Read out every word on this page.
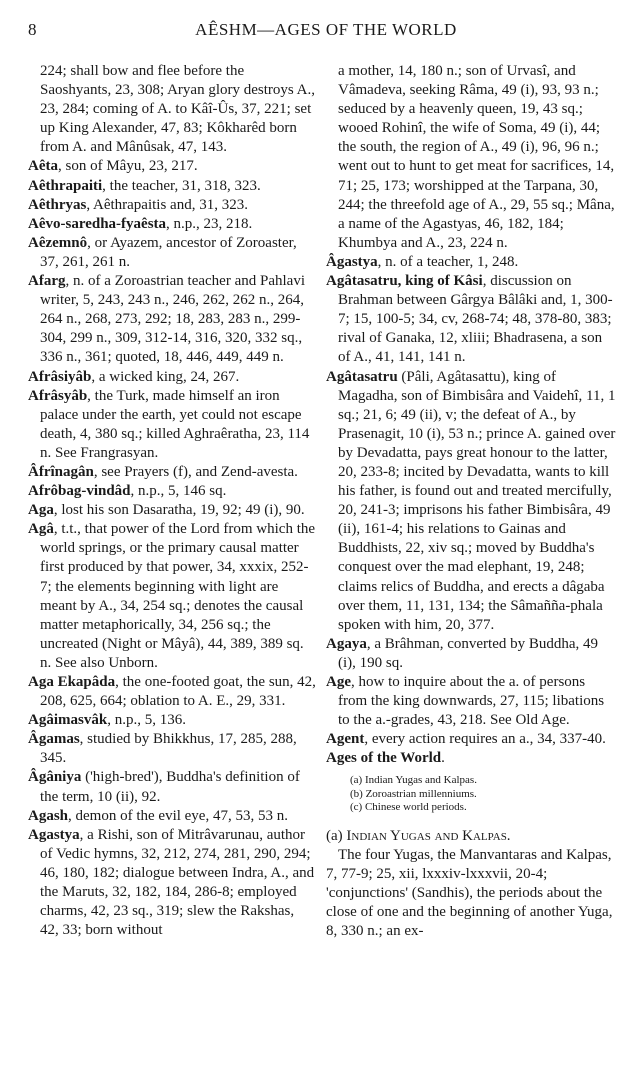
8	AÊSHM—AGES OF THE WORLD

224; shall bow and flee before the Saoshyants, 23, 308; Aryan glory destroys A., 23, 284; coming of A. to Kâî-Ûs, 37, 221; set up King Alexander, 47, 83; Kôkharêd born from A. and Mânûsak, 47, 143.

Aêta, son of Mâyu, 23, 217.

Aêthrapaiti, the teacher, 31, 318, 323.

Aêthryas, Aêthrapaitis and, 31, 323.

Aêvo-saredha-fyaêsta, n.p., 23, 218.

Aêzemnô, or Ayazem, ancestor of Zoroaster, 37, 261, 261 n.

Afarg, n. of a Zoroastrian teacher and Pahlavi writer, 5, 243, 243 n., 246, 262, 262 n., 264, 264 n., 268, 273, 292; 18, 283, 283 n., 299-304, 299 n., 309, 312-14, 316, 320, 332 sq., 336 n., 361; quoted, 18, 446, 449, 449 n.

Afrâsiyâb, a wicked king, 24, 267.

Afrâsyâb, the Turk, made himself an iron palace under the earth, yet could not escape death, 4, 380 sq.; killed Aghraêratha, 23, 114 n. See Frangrasyan.

Âfrînagân, see Prayers (f), and Zend-avesta.

Afrôbag-vindâd, n.p., 5, 146 sq.

Aga, lost his son Dasaratha, 19, 92; 49 (i), 90.

Agâ, t.t., that power of the Lord from which the world springs, or the primary causal matter first produced by that power, 34, xxxix, 252-7; the elements beginning with light are meant by A., 34, 254 sq.; denotes the causal matter metaphorically, 34, 256 sq.; the uncreated (Night or Mâyâ), 44, 389, 389 sq. n. See also Unborn.

Aga Ekapâda, the one-footed goat, the sun, 42, 208, 625, 664; oblation to A. E., 29, 331.

Agâimasvâk, n.p., 5, 136.

Âgamas, studied by Bhikkhus, 17, 285, 288, 345.

Âgâniya ('high-bred'), Buddha's definition of the term, 10 (ii), 92.

Agash, demon of the evil eye, 47, 53, 53 n.

Agastya, a Rishi, son of Mitrâvarunau, author of Vedic hymns, 32, 212, 274, 281, 290, 294; 46, 180, 182; dialogue between Indra, A., and the Maruts, 32, 182, 184, 286-8; employed charms, 42, 23 sq., 319; slew the Rakshas, 42, 33; born without

a mother, 14, 180 n.; son of Urvasî, and Vâmadeva, seeking Râma, 49 (i), 93, 93 n.; seduced by a heavenly queen, 19, 43 sq.; wooed Rohinî, the wife of Soma, 49 (i), 44; the south, the region of A., 49 (i), 96, 96 n.; went out to hunt to get meat for sacrifices, 14, 71; 25, 173; worshipped at the Tarpana, 30, 244; the threefold age of A., 29, 55 sq.; Mâna, a name of the Agastyas, 46, 182, 184; Khumbya and A., 23, 224 n.

Âgastya, n. of a teacher, 1, 248.

Agâtasatru, king of Kâsi, discussion on Brahman between Gârgya Bâlâki and, 1, 300-7; 15, 100-5; 34, cv, 268-74; 48, 378-80, 383; rival of Ganaka, 12, xliii; Bhadrasena, a son of A., 41, 141, 141 n.

Agâtasatru (Pâli, Agâtasattu), king of Magadha, son of Bimbisâra and Vaidehî, 11, 1 sq.; 21, 6; 49 (ii), v; the defeat of A., by Prasenagit, 10 (i), 53 n.; prince A. gained over by Devadatta, pays great honour to the latter, 20, 233-8; incited by Devadatta, wants to kill his father, is found out and treated mercifully, 20, 241-3; imprisons his father Bimbisâra, 49 (ii), 161-4; his relations to Gainas and Buddhists, 22, xiv sq.; moved by Buddha's conquest over the mad elephant, 19, 248; claims relics of Buddha, and erects a dâgaba over them, 11, 131, 134; the Sâmañña-phala spoken with him, 20, 377.

Agaya, a Brâhman, converted by Buddha, 49 (i), 190 sq.

Age, how to inquire about the a. of persons from the king downwards, 27, 115; libations to the a.-grades, 43, 218. See Old Age.

Agent, every action requires an a., 34, 337-40.

Ages of the World.

(a) Indian Yugas and Kalpas.
(b) Zoroastrian millenniums.
(c) Chinese world periods.

(a) Indian Yugas and Kalpas.

The four Yugas, the Manvantaras and Kalpas, 7, 77-9; 25, xii, lxxxiv-lxxxvii, 20-4; 'conjunctions' (Sandhis), the periods about the close of one and the beginning of another Yuga, 8, 330 n.; an ex-
